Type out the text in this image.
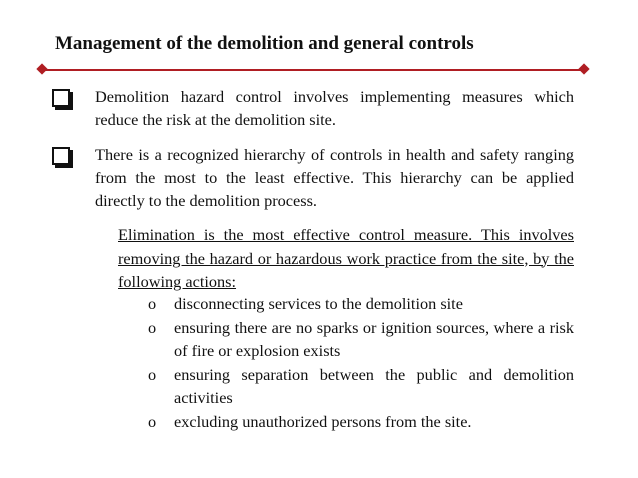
Management of the demolition and general controls
Demolition hazard control involves implementing measures which reduce the risk at the demolition site.
There is a recognized hierarchy of controls in health and safety ranging from the most to the least effective. This hierarchy can be applied directly to the demolition process.
Elimination is the most effective control measure. This involves removing the hazard or hazardous work practice from the site, by the following actions:
o disconnecting services to the demolition site
o ensuring there are no sparks or ignition sources, where a risk of fire or explosion exists
o ensuring separation between the public and demolition activities
o excluding unauthorized persons from the site.
